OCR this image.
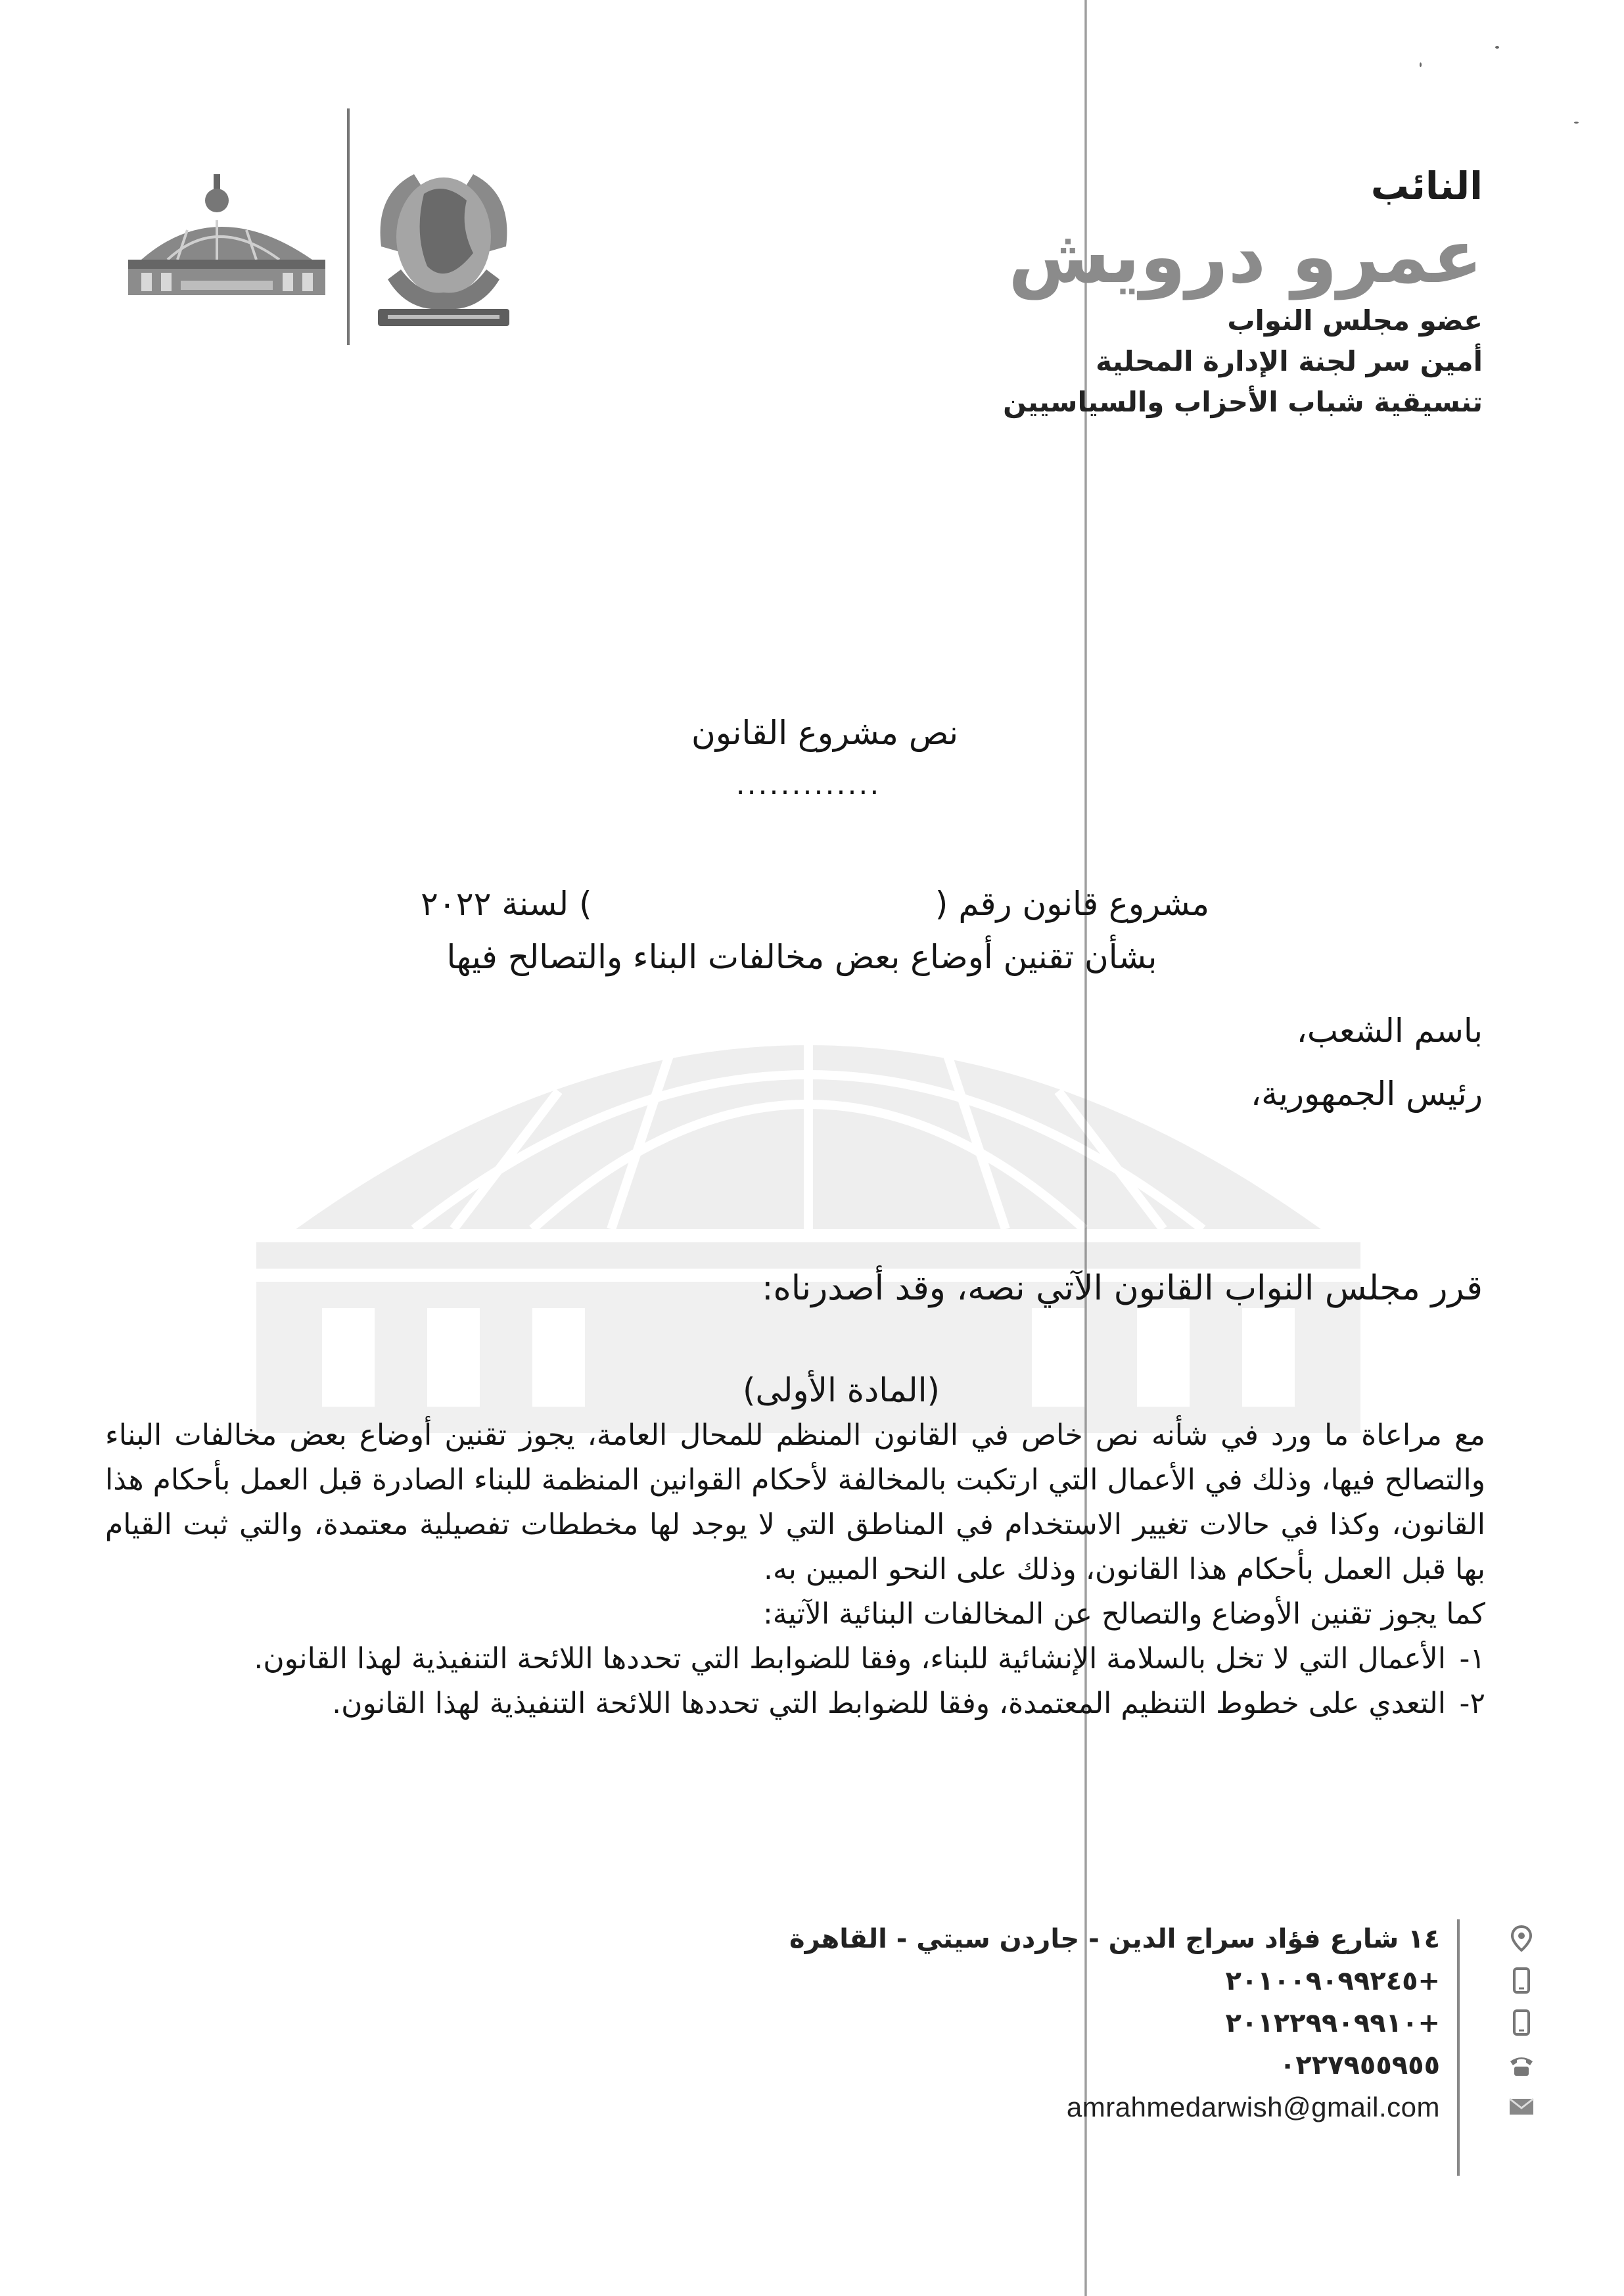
النائب
عمرو درويش
عضو مجلس النواب
أمين سر لجنة الإدارة المحلية
تنسيقية شباب الأحزاب والسياسيين
نص مشروع القانون
.............
مشروع قانون رقم (
) لسنة ٢٠٢٢
بشأن تقنين أوضاع بعض مخالفات البناء والتصالح فيها
باسم الشعب،
رئيس الجمهورية،
قرر مجلس النواب القانون الآتي نصه، وقد أصدرناه:
(المادة الأولى)

مع مراعاة ما ورد في شأنه نص خاص في القانون المنظم للمحال العامة، يجوز تقنين أوضاع بعض مخالفات البناء والتصالح فيها، وذلك في الأعمال التي ارتكبت بالمخالفة لأحكام القوانين المنظمة للبناء الصادرة قبل العمل بأحكام هذا القانون، وكذا في حالات تغيير الاستخدام في المناطق التي لا يوجد لها مخططات تفصيلية معتمدة، والتي ثبت القيام بها قبل العمل بأحكام هذا القانون، وذلك على النحو المبين به.

كما يجوز تقنين الأوضاع والتصالح عن المخالفات البنائية الآتية:

١-
الأعمال التي لا تخل بالسلامة الإنشائية للبناء، وفقا للضوابط التي تحددها اللائحة التنفيذية لهذا القانون.
٢-
التعدي على خطوط التنظيم المعتمدة، وفقا للضوابط التي تحددها اللائحة التنفيذية لهذا القانون.
١٤ شارع فؤاد سراج الدين - جاردن سيتي - القاهرة
+٢٠١٠٠٩٠٩٩٢٤٥
+٢٠١٢٢٩٩٠٩٩١٠
٠٢٢٧٩٥٥٩٥٥
amrahmedarwish@gmail.com
